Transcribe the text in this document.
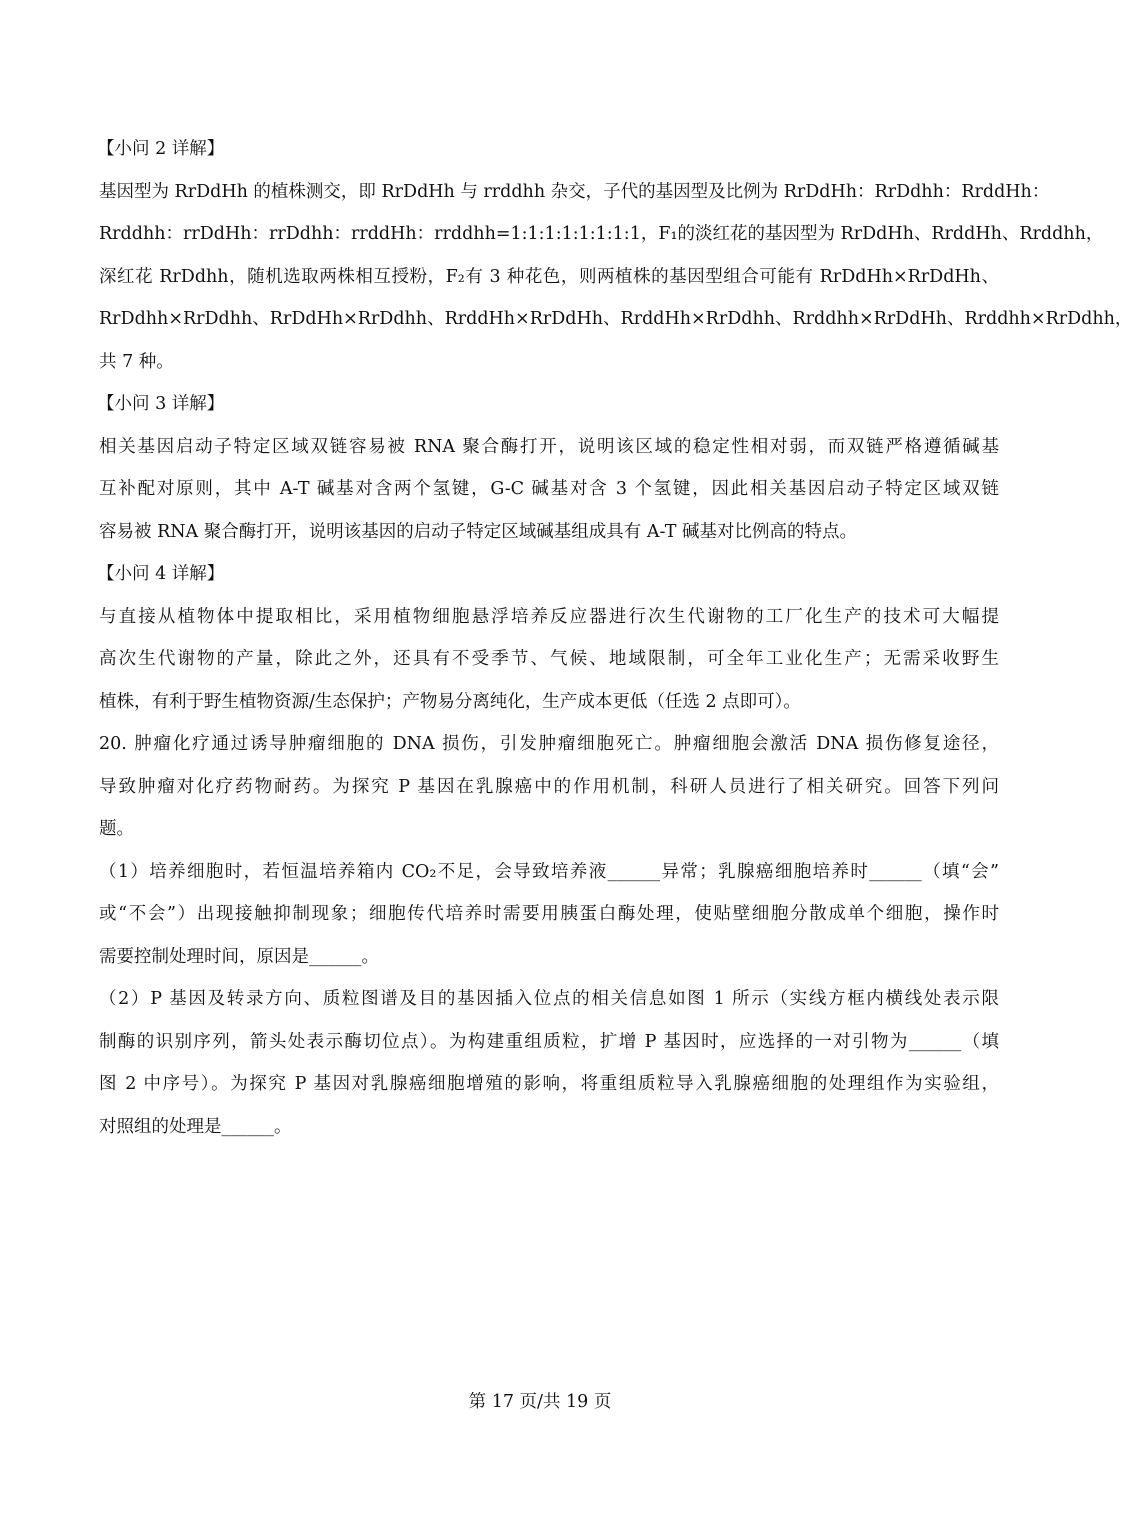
【小问 2 详解】
基因型为 RrDdHh 的植株测交，即 RrDdHh 与 rrddhh 杂交，子代的基因型及比例为 RrDdHh：RrDdhh：RrddHh：
Rrddhh：rrDdHh：rrDdhh：rrddHh：rrddhh=1:1:1:1:1:1:1:1，F₁的淡红花的基因型为 RrDdHh、RrddHh、Rrddhh，
深红花 RrDdhh，随机选取两株相互授粉，F₂有 3 种花色，则两植株的基因型组合可能有 RrDdHh×RrDdHh、
RrDdhh×RrDdhh、RrDdHh×RrDdhh、RrddHh×RrDdHh、RrddHh×RrDdhh、Rrddhh×RrDdHh、Rrddhh×RrDdhh，
共 7 种。
【小问 3 详解】
相关基因启动子特定区域双链容易被 RNA 聚合酶打开，说明该区域的稳定性相对弱，而双链严格遵循碱基
互补配对原则，其中 A-T 碱基对含两个氢键，G-C 碱基对含 3 个氢键，因此相关基因启动子特定区域双链
容易被 RNA 聚合酶打开，说明该基因的启动子特定区域碱基组成具有 A-T 碱基对比例高的特点。
【小问 4 详解】
与直接从植物体中提取相比，采用植物细胞悬浮培养反应器进行次生代谢物的工厂化生产的技术可大幅提
高次生代谢物的产量，除此之外，还具有不受季节、气候、地域限制，可全年工业化生产；无需采收野生
植株，有利于野生植物资源/生态保护；产物易分离纯化，生产成本更低（任选 2 点即可）。
20. 肿瘤化疗通过诱导肿瘤细胞的 DNA 损伤，引发肿瘤细胞死亡。肿瘤细胞会激活 DNA 损伤修复途径，
导致肿瘤对化疗药物耐药。为探究 P 基因在乳腺癌中的作用机制，科研人员进行了相关研究。回答下列问
题。
（1）培养细胞时，若恒温培养箱内 CO₂不足，会导致培养液______异常；乳腺癌细胞培养时______（填“会”
或“不会”）出现接触抑制现象；细胞传代培养时需要用胰蛋白酶处理，使贴壁细胞分散成单个细胞，操作时
需要控制处理时间，原因是______。
（2）P 基因及转录方向、质粒图谱及目的基因插入位点的相关信息如图 1 所示（实线方框内横线处表示限
制酶的识别序列，箭头处表示酶切位点）。为构建重组质粒，扩增 P 基因时，应选择的一对引物为______（填
图 2 中序号）。为探究 P 基因对乳腺癌细胞增殖的影响，将重组质粒导入乳腺癌细胞的处理组作为实验组，
对照组的处理是______。
第 17 页/共 19 页
